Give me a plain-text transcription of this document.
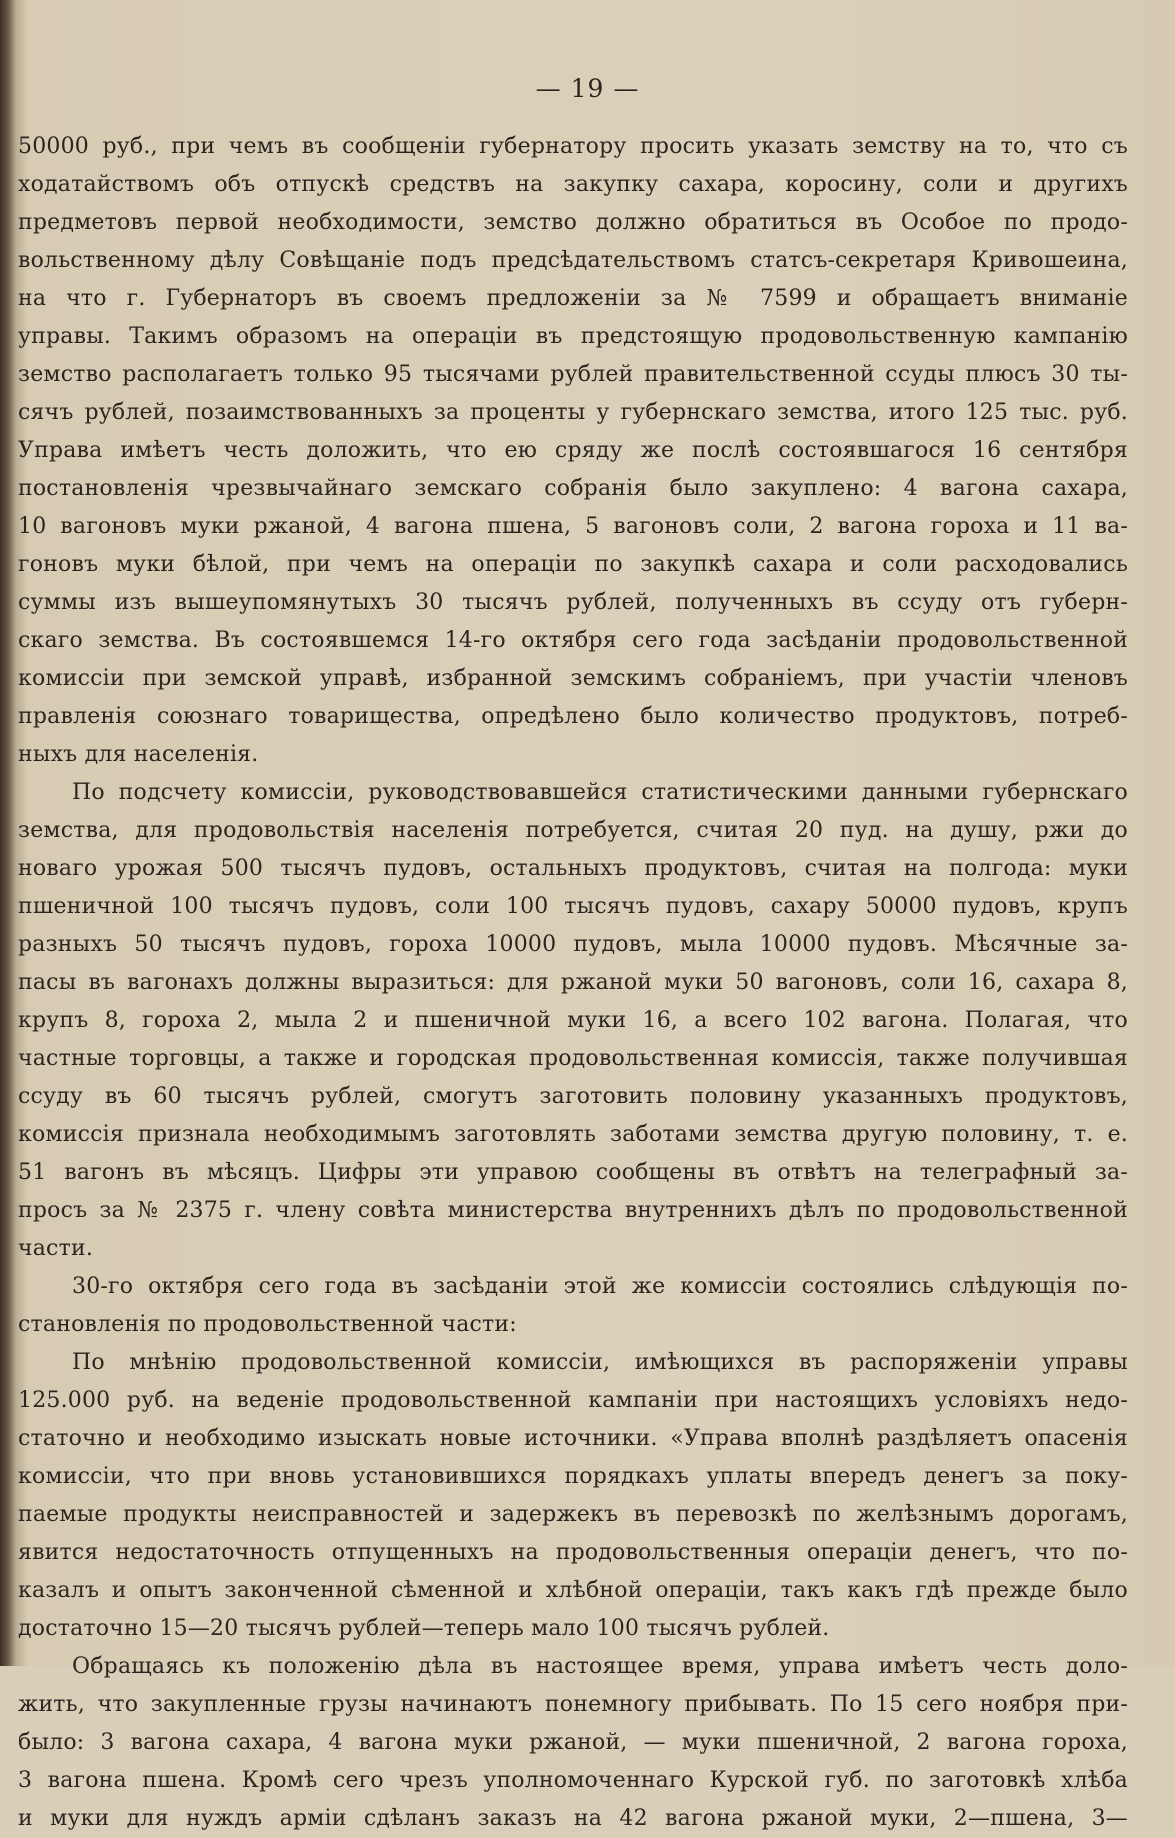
— 19 —
50000 руб., при чемъ въ сообщеніи губернатору просить указать земству на то, что съ
ходатайствомъ объ отпускѣ средствъ на закупку сахара, коросину, соли и другихъ
предметовъ первой необходимости, земство должно обратиться въ Особое по продо-
вольственному дѣлу Совѣщаніе подъ предсѣдательствомъ статсъ-секретаря Кривошеина,
на что г. Губернаторъ въ своемъ предложеніи за № 7599 и обращаетъ вниманіе
управы. Такимъ образомъ на операціи въ предстоящую продовольственную кампанію
земство располагаетъ только 95 тысячами рублей правительственной ссуды плюсъ 30 ты-
сячъ рублей, позаимствованныхъ за проценты у губернскаго земства, итого 125 тыс. руб.
Управа имѣетъ честь доложить, что ею сряду же послѣ состоявшагося 16 сентября
постановленія чрезвычайнаго земскаго собранія было закуплено: 4 вагона сахара,
10 вагоновъ муки ржаной, 4 вагона пшена, 5 вагоновъ соли, 2 вагона гороха и 11 ва-
гоновъ муки бѣлой, при чемъ на операціи по закупкѣ сахара и соли расходовались
суммы изъ вышеупомянутыхъ 30 тысячъ рублей, полученныхъ въ ссуду отъ губерн-
скаго земства. Въ состоявшемся 14-го октября сего года засѣданіи продовольственной
комиссіи при земской управѣ, избранной земскимъ собраніемъ, при участіи членовъ
правленія союзнаго товарищества, опредѣлено было количество продуктовъ, потреб-
ныхъ для населенія.
По подсчету комиссіи, руководствовавшейся статистическими данными губернскаго
земства, для продовольствія населенія потребуется, считая 20 пуд. на душу, ржи до
новаго урожая 500 тысячъ пудовъ, остальныхъ продуктовъ, считая на полгода: муки
пшеничной 100 тысячъ пудовъ, соли 100 тысячъ пудовъ, сахару 50000 пудовъ, крупъ
разныхъ 50 тысячъ пудовъ, гороха 10000 пудовъ, мыла 10000 пудовъ. Мѣсячные за-
пасы въ вагонахъ должны выразиться: для ржаной муки 50 вагоновъ, соли 16, сахара 8,
крупъ 8, гороха 2, мыла 2 и пшеничной муки 16, а всего 102 вагона. Полагая, что
частные торговцы, а также и городская продовольственная комиссія, также получившая
ссуду въ 60 тысячъ рублей, смогутъ заготовить половину указанныхъ продуктовъ,
комиссія признала необходимымъ заготовлять заботами земства другую половину, т. е.
51 вагонъ въ мѣсяцъ. Цифры эти управою сообщены въ отвѣтъ на телеграфный за-
просъ за № 2375 г. члену совѣта министерства внутреннихъ дѣлъ по продовольственной
части.
30-го октября сего года въ засѣданіи этой же комиссіи состоялись слѣдующія по-
становленія по продовольственной части:
По мнѣнію продовольственной комиссіи, имѣющихся въ распоряженіи управы
125.000 руб. на веденіе продовольственной кампаніи при настоящихъ условіяхъ недо-
статочно и необходимо изыскать новые источники. «Управа вполнѣ раздѣляетъ опасенія
комиссіи, что при вновь установившихся порядкахъ уплаты впередъ денегъ за поку-
паемые продукты неисправностей и задержекъ въ перевозкѣ по желѣзнымъ дорогамъ,
явится недостаточность отпущенныхъ на продовольственныя операціи денегъ, что по-
казалъ и опытъ законченной сѣменной и хлѣбной операціи, такъ какъ гдѣ прежде было
достаточно 15—20 тысячъ рублей—теперь мало 100 тысячъ рублей.
Обращаясь къ положенію дѣла въ настоящее время, управа имѣетъ честь доло-
жить, что закупленные грузы начинаютъ понемногу прибывать. По 15 сего ноября при-
было: 3 вагона сахара, 4 вагона муки ржаной, — муки пшеничной, 2 вагона гороха,
3 вагона пшена. Кромѣ сего чрезъ уполномоченнаго Курской губ. по заготовкѣ хлѣба
и муки для нуждъ арміи сдѣланъ заказъ на 42 вагона ржаной муки, 2—пшена, 3—
